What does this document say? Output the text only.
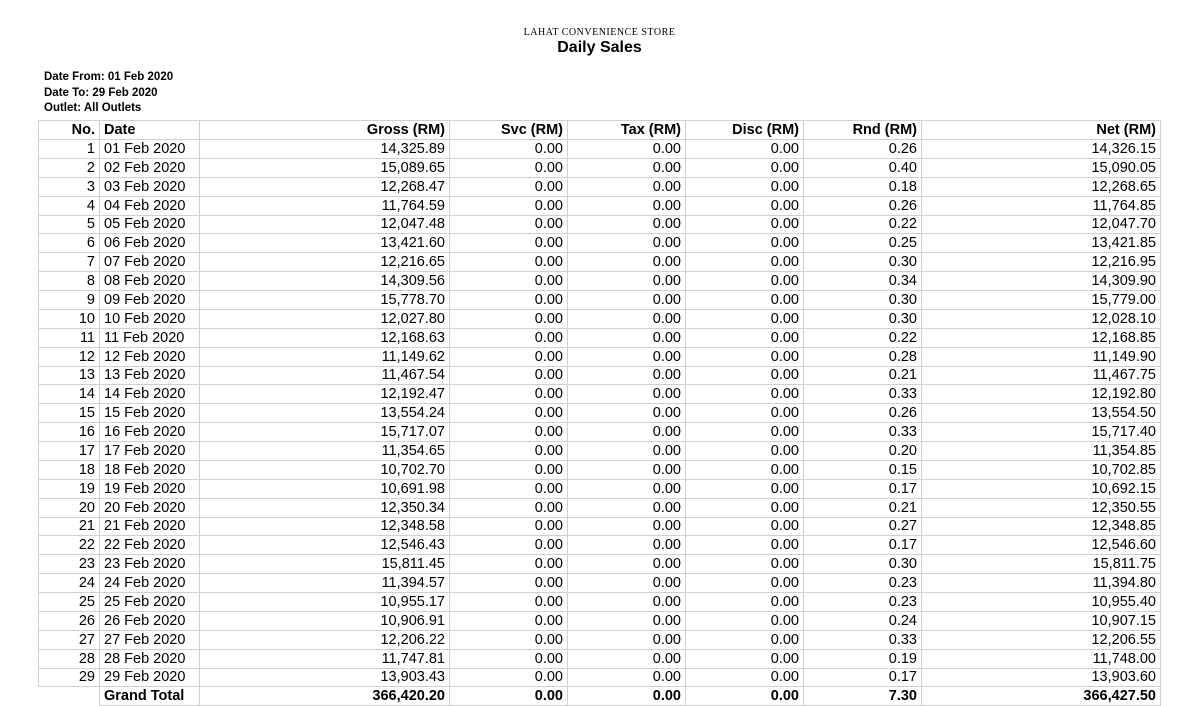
LAHAT CONVENIENCE STORE
Daily Sales
Date From: 01 Feb 2020
Date To: 29 Feb 2020
Outlet: All Outlets
No.	Date	Gross (RM)	Svc (RM)	Tax (RM)	Disc (RM)	Rnd (RM)	Net (RM)
1	01 Feb 2020	14,325.89	0.00	0.00	0.00	0.26	14,326.15
2	02 Feb 2020	15,089.65	0.00	0.00	0.00	0.40	15,090.05
3	03 Feb 2020	12,268.47	0.00	0.00	0.00	0.18	12,268.65
4	04 Feb 2020	11,764.59	0.00	0.00	0.00	0.26	11,764.85
5	05 Feb 2020	12,047.48	0.00	0.00	0.00	0.22	12,047.70
6	06 Feb 2020	13,421.60	0.00	0.00	0.00	0.25	13,421.85
7	07 Feb 2020	12,216.65	0.00	0.00	0.00	0.30	12,216.95
8	08 Feb 2020	14,309.56	0.00	0.00	0.00	0.34	14,309.90
9	09 Feb 2020	15,778.70	0.00	0.00	0.00	0.30	15,779.00
10	10 Feb 2020	12,027.80	0.00	0.00	0.00	0.30	12,028.10
11	11 Feb 2020	12,168.63	0.00	0.00	0.00	0.22	12,168.85
12	12 Feb 2020	11,149.62	0.00	0.00	0.00	0.28	11,149.90
13	13 Feb 2020	11,467.54	0.00	0.00	0.00	0.21	11,467.75
14	14 Feb 2020	12,192.47	0.00	0.00	0.00	0.33	12,192.80
15	15 Feb 2020	13,554.24	0.00	0.00	0.00	0.26	13,554.50
16	16 Feb 2020	15,717.07	0.00	0.00	0.00	0.33	15,717.40
17	17 Feb 2020	11,354.65	0.00	0.00	0.00	0.20	11,354.85
18	18 Feb 2020	10,702.70	0.00	0.00	0.00	0.15	10,702.85
19	19 Feb 2020	10,691.98	0.00	0.00	0.00	0.17	10,692.15
20	20 Feb 2020	12,350.34	0.00	0.00	0.00	0.21	12,350.55
21	21 Feb 2020	12,348.58	0.00	0.00	0.00	0.27	12,348.85
22	22 Feb 2020	12,546.43	0.00	0.00	0.00	0.17	12,546.60
23	23 Feb 2020	15,811.45	0.00	0.00	0.00	0.30	15,811.75
24	24 Feb 2020	11,394.57	0.00	0.00	0.00	0.23	11,394.80
25	25 Feb 2020	10,955.17	0.00	0.00	0.00	0.23	10,955.40
26	26 Feb 2020	10,906.91	0.00	0.00	0.00	0.24	10,907.15
27	27 Feb 2020	12,206.22	0.00	0.00	0.00	0.33	12,206.55
28	28 Feb 2020	11,747.81	0.00	0.00	0.00	0.19	11,748.00
29	29 Feb 2020	13,903.43	0.00	0.00	0.00	0.17	13,903.60
	Grand Total	366,420.20	0.00	0.00	0.00	7.30	366,427.50
